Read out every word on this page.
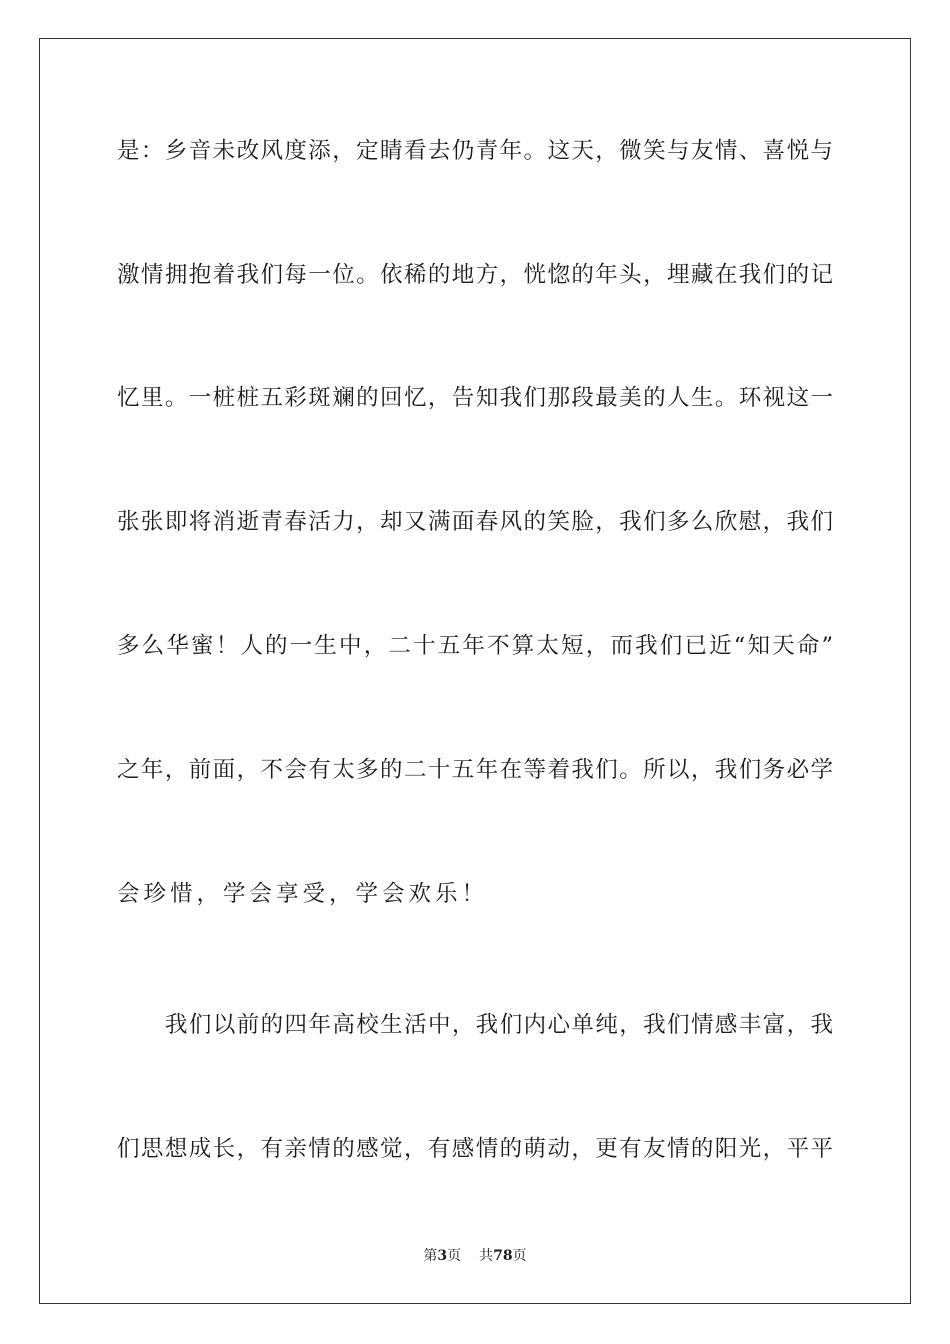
是：乡音未改风度添，定睛看去仍青年。这天，微笑与友情、喜悦与
激情拥抱着我们每一位。依稀的地方，恍惚的年头，埋藏在我们的记
忆里。一桩桩五彩斑斓的回忆，告知我们那段最美的人生。环视这一
张张即将消逝青春活力，却又满面春风的笑脸，我们多么欣慰，我们
多么华蜜！人的一生中，二十五年不算太短，而我们已近“知天命”
之年，前面，不会有太多的二十五年在等着我们。所以，我们务必学
会珍惜，学会享受，学会欢乐！
我们以前的四年高校生活中，我们内心单纯，我们情感丰富，我
们思想成长，有亲情的感觉，有感情的萌动，更有友情的阳光，平平
第3页 共78页
